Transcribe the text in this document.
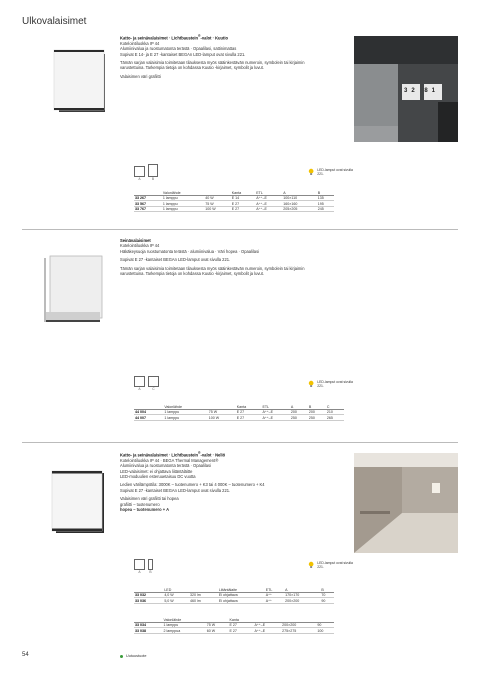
Ulkovalaisimet

Katto- ja seinävalaisimet · Lichtbaustein®-valot · Kuutio

Kotelointiluokka IP 44

Alumiinivalua ja ruostumatonta terästä · Opaalilasi, sattinimattas

Sopivat E 14- ja E 27 -kantaiset BEGAn LED-lamput ovat sivulla 221.

Tämän sarjan valaisimia toimitetaan tilauksesta myös sääinkestävän numeroin, symbolein tai kirjaimin varustettuina. Tarkempia tietoja on kohdassa Kuutio -kirjaimet, symbolit ja luvut.

Valaisimen väri grafiitti

32 81
A	B
LED-lamput ovat sivulla 221.
	Valonlähde		Kanta	ETL	A	B
33 267	1 lamppu	40 W	E 14	A⁺⁺–E	100×110	135
33 567	1 lamppu	75 W	E 27	A⁺⁺–E	160×160	195
33 767	1 lamppu	100 W	E 27	A⁺⁺–E	205×205	245

Seinävalaisimet

Kotelointiluokka IP 44

Häkäkeysuoja ruostumatonta terästä · alumiinivalua · Väri hopea · Opaalilasi

Sopivat E 27 -kantaiset BEGAn LED-lamput ovat sivulla 221.

Tämän sarjan valaisimia toimitetaan tilauksesta myös sääinkestävän numeroin, symbolein tai kirjaimin varustettuina. Tarkempia tietoja on kohdassa Kuutio -kirjaimet, symbolit ja luvut.

A	C
LED-lamput ovat sivulla 221.
	Valonlähde		Kanta	ETL	A	B	C
44 004	1 lamppu	75 W	E 27	A⁺⁺–E	200	200	210
44 007	1 lamppu	100 W	E 27	A⁺⁺–E	250	250	265

Katto- ja seinävalaisimet · Lichtbaustein®-valot · Neliö

Kotelointiluokka IP 44 · BEGA Thermal Management®

Alumiinivalua ja ruostumatonta terästä · Opaalilasi

LED-valaisimet: ei ohjattava liitäntäläitte

LED-moduulien esteruuetaisuu DC vuotta

Ledien värilämpötila: 3000K – tuotenumero + K3 tai 4 000K – tuotenumero + K4

Sopivat E 27 -kantaiset BEGAn LED-lamput ovat sivulla 221.

Valaisimen väri grafiitti tai hopea

grafiitti – tuotenumero

hopea – tuotenumero + A

A	B
LED-lamput ovat sivulla 221.
	LED		Liitäntälaite	ETL	A	B
33 032	4,0 W	320 lm	Ei ohjattava	A⁺⁺	170×170	70
33 036	5,0 W	460 lm	Ei ohjattava	A⁺⁺	200×200	90
	Valonlähde		Kanta			
33 034	1 lamppu	75 W	E 27	A⁺⁺–E	200×200	90
33 038	2 lamppua	60 W	E 27	A⁺⁺–E	275×275	100
54	Uutuustuote
